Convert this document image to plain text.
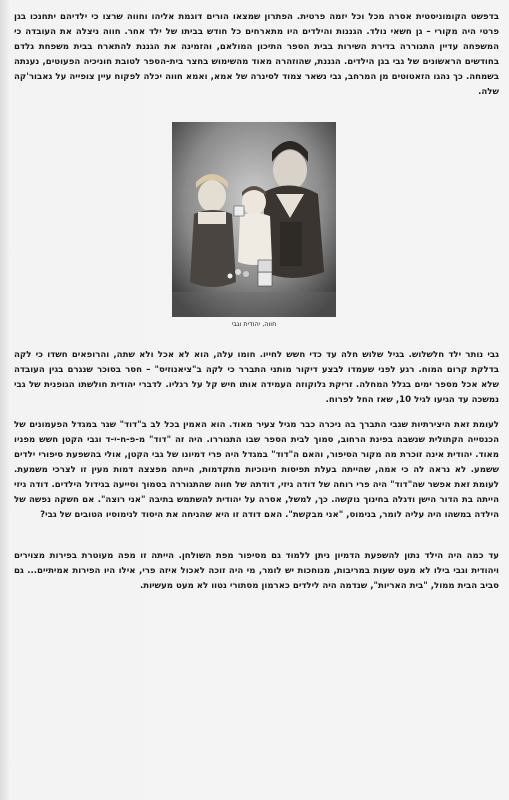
בדפשט הקומוניסטית אסרה מכל וכל יזמה פרטית. הפתרון שמצאו הורים דוגמת אליהו וחווה שרצו כי ילדיהם יתחנכו בגן פרטי היה מקורי – גן חשאי נולד. הגננות והילדים היו מתארחים כל חודש בביתו של ילד אחר. חווה ניצלה את העובדה כי המשפחה עדיין התגוררה בדירת השירות בבית הספר התיכון המולאם, והזמינה את הגננת להתארח בבית משפחת גלדם בחודשים הראשונים של גבי בגן הילדים. הגננת, שהוזהרה מאוד מהשימוש בחצר בית-הספר לטובת חוניכיה הפעוטים, נענתה בשמחה. כך נהגו הזאטוטים מן המרחב, גבי נשאר צמוד לסינרה של אמא, ואמא חווה יכלה לפקוח עיין צופייה על גאבור'קה שלה.

חווה, יהודית וגבי

גבי נותר ילד חלשלוש. בגיל שלוש חלה עד כדי חשש לחייו. חומו עלה, הוא לא אכל ולא שתה, והרופאים חשדו כי לקה בדלקת קרום המוח. רגע לפני שעמדו לבצע דיקור מותני התברר כי לקה ב"ציאנוזיס" – חסר בסוכר שנגרם בגין העובדה שלא אכל מספר ימים בגלל המחלה. זריקת גלוקוזה העמידה אותו חיש קל על רגליו. לדברי יהודית חולשתו הגופנית של גבי נמשכה עד הגיעו לגיל 10, שאז החל לפרוח.

לעומת זאת היצירתיות שגבי התברך בה ניכרה כבר מגיל צעיר מאוד. הוא האמין בכל לב ב"דוד" שגר במגדל הפעמונים של הכנסייה הקתולית שנשבה בפינת הרחוב, סמוך לבית הספר שבו התגוררו. היה זה "דוד" מ-פ-ח-י-ד וגבי הקטן חשש מפניו מאוד. יהודית אינה זוכרת מה מקור הסיפור, והאם ה"דוד" במגדל היה פרי דמיונו של גבי הקטן, אולי בהשפעת סיפורי ילדים ששמע. לא נראה לה כי אמה, שהייתה בעלת תפיסות חינוכיות מתקדמות, הייתה מפצצה דמות מעין זו לצרכי משמעת. לעומת זאת אפשר שה"דוד" היה פרי רוחה של דודה גיזי, דודתה של חווה שהתגוררה בסמוך וסייעה בגידול הילדים. דודה גיזי הייתה בת הדור הישן ודגלה בחינוך נוקשה. כך, למשל, אסרה על יהודית להשתמש בתיבה "אני רוצה". אם חשקה נפשה של הילדה במשהו היה עליה לומר, בנימוס, "אני מבקשת". האם דודה זו היא שהניחה את היסוד לנימוסיו הטובים של גבי?

עד כמה היה הילד נתון להשפעת הדמיון ניתן ללמוד גם מסיפור מפת השולחן. הייתה זו מפה מעוטרת בפירות מצוירים ויהודית וגבי בילו לא מעט שעות במריבות, מנוחכות יש לומר, מי היה זוכה לאכול איזה פרי, אילו היו הפירות אמיתיים... גם סביב הבית ממול, "בית האריות", שנדמה היה לילדים כארמון מסתורי נטוו לא מעט מעשיות.
